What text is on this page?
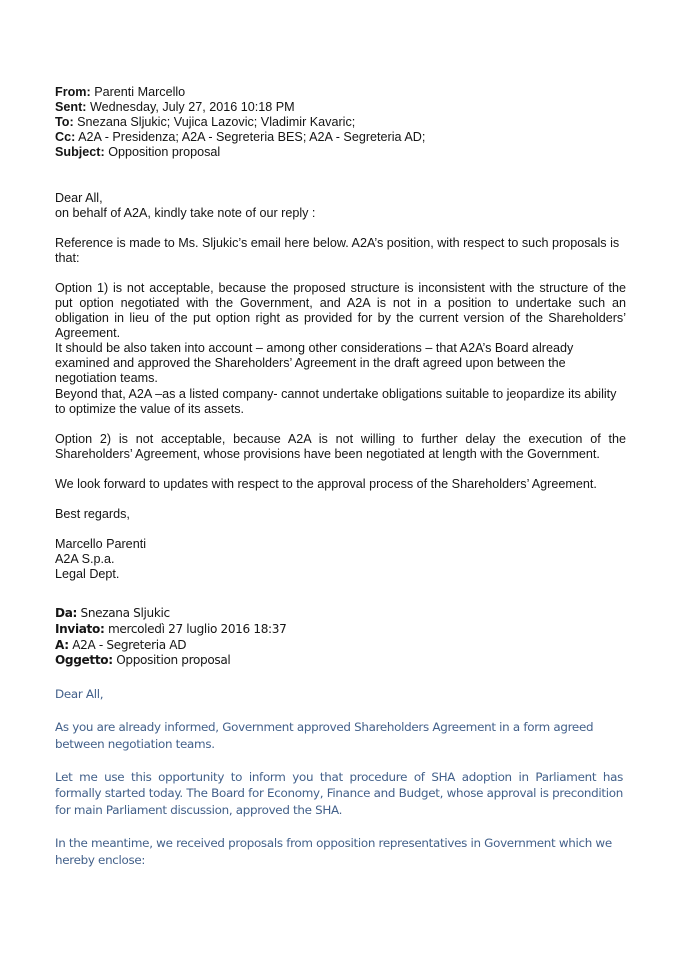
From: Parenti Marcello
Sent: Wednesday, July 27, 2016 10:18 PM
To: Snezana Sljukic; Vujica Lazovic; Vladimir Kavaric;
Cc: A2A - Presidenza; A2A - Segreteria BES; A2A - Segreteria AD;
Subject: Opposition proposal

Dear All,

on behalf of A2A, kindly take note of our reply :

Reference is made to Ms. Sljukic’s email here below. A2A’s position, with respect to such proposals is that:

Option 1) is not acceptable, because the proposed structure is inconsistent with the structure of the put option negotiated with the Government, and A2A is not in a position to undertake such an obligation in lieu of the put option right as provided for by the current version of the Shareholders’ Agreement.

It should be also taken into account – among other considerations – that A2A’s Board already examined and approved the Shareholders’ Agreement in the draft agreed upon between the negotiation teams.

Beyond that, A2A –as a listed company- cannot undertake obligations suitable to jeopardize its ability to optimize the value of its assets.

Option 2) is not acceptable, because A2A is not willing to further delay the execution of the Shareholders’ Agreement, whose provisions have been negotiated at length with the Government.

We look forward to updates with respect to the approval process of the Shareholders’ Agreement.

Best regards,

Marcello Parenti

A2A S.p.a.

Legal Dept.

Da: Snezana Sljukic
Inviato: mercoledì 27 luglio 2016 18:37
A: A2A - Segreteria AD
Oggetto: Opposition proposal

Dear All,

As you are already informed, Government approved Shareholders Agreement in a form agreed between negotiation teams.

Let me use this opportunity to inform you that procedure of SHA adoption in Parliament has formally started today. The Board for Economy, Finance and Budget, whose approval is precondition for main Parliament discussion, approved the SHA.

In the meantime, we received proposals from opposition representatives in Government which we hereby enclose:
